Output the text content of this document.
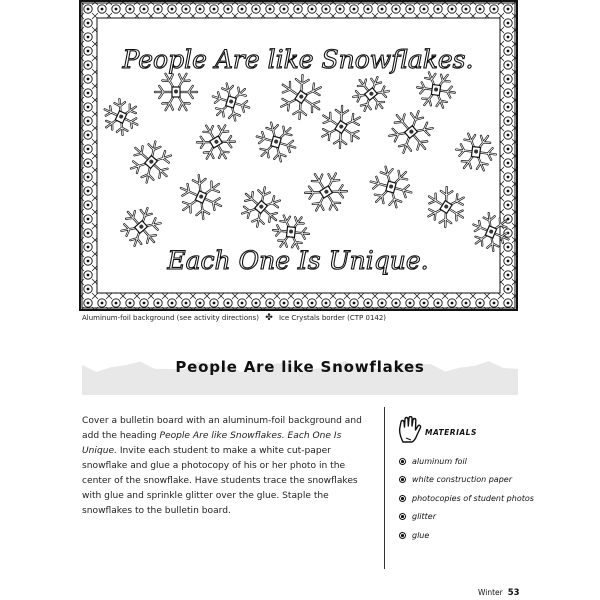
People Are like Snowflakes.
Each One Is Unique.
Aluminum-foil background (see activity directions) ✤ Ice Crystals border (CTP 0142)
People Are like Snowflakes
Cover a bulletin board with an aluminum-foil background and add the heading People Are like Snowflakes. Each One Is Unique. Invite each student to make a white cut-paper snowflake and glue a photocopy of his or her photo in the center of the snowflake. Have students trace the snowflakes with glue and sprinkle glitter over the glue. Staple the snowflakes to the bulletin board.
MATERIALS
aluminum foil
white construction paper
photocopies of student photos
glitter
glue
Winter 53
